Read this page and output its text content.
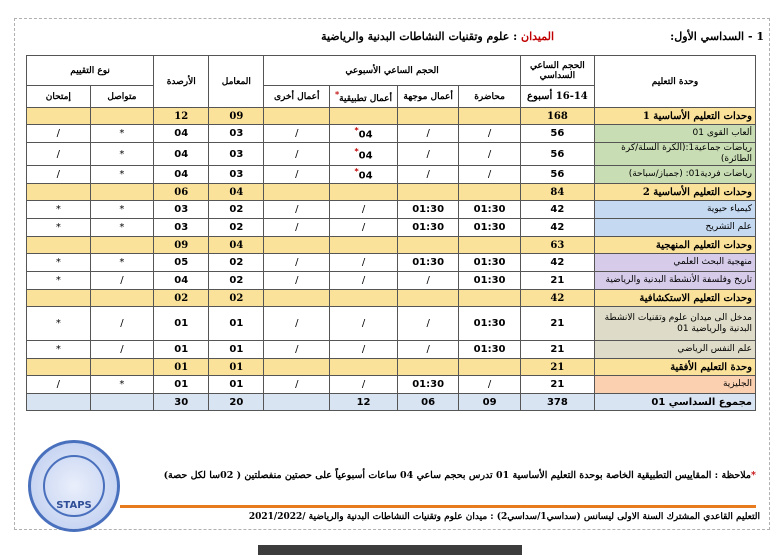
1 - السداسي الأول:
الميدان : علوم وتقنيات النشاطات البدنية والرياضية
وحدة التعليم	الحجم الساعي السداسي	الحجم الساعي الأسبوعي				المعامل	الأرصدة	نوع التقييم	
	16-14 أسبوع	محاضرة	أعمال موجهة	أعمال تطبيقية*	أعمال أخرى			متواصل	إمتحان
وحدات التعليم الأساسية 1	168					09	12		
ألعاب القوى 01	56	/	/	04*	/	03	04	*	/
رياضات جماعية1:(الكرة السلة/كرة الطائرة)	56	/	/	04*	/	03	04	*	/
رياضات فردية01: (جمباز/سباحة)	56	/	/	04*	/	03	04	*	/
وحدات التعليم الأساسية 2	84					04	06		
كيمياء حيوية	42	01:30	01:30	/	/	02	03	*	*
علم التشريح	42	01:30	01:30	/	/	02	03	*	*
وحدات التعليم المنهجية	63					04	09		
منهجية البحث العلمي	42	01:30	01:30	/	/	02	05	*	*
تاريخ وفلسفة الأنشطة البدنية والرياضية	21	01:30	/	/	/	02	04	/	*
وحدات التعليم الاستكشافية	42					02	02		
مدخل الى ميدان علوم وتقنيات الانشطة البدنية والرياضية 01	21	01:30	/	/	/	01	01	/	*
علم النفس الرياضي	21	01:30	/	/	/	01	01	/	*
وحدة التعليم الأفقية	21					01	01		
الجليزية	21	/	01:30	/	/	01	01	*	/
مجموع السداسي 01	378	09	06	12		20	30		
*ملاحظة : المقاييس التطبيقية الخاصة بوحدة التعليم الأساسية 01 تدرس بحجم ساعي 04 ساعات أسبوعياً على حصتين منفصلتين ( 02سا لكل حصة)
التعليم القاعدي المشترك السنة الاولى ليسانس (سداسي1/سداسي2) : ميدان علوم وتقنيات النشاطات البدنية والرياضية /2021/2022
STAPS
